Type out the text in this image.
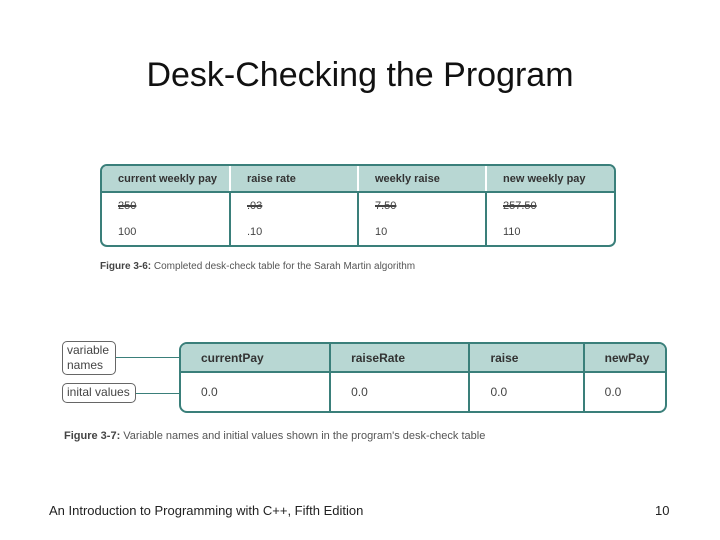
Desk-Checking the Program
current weekly pay	raise rate	weekly raise	new weekly pay
250	.03	7.50	257.50
100	.10	10	110
Figure 3-6: Completed desk-check table for the Sarah Martin algorithm
variable names
inital values
currentPay	raiseRate	raise	newPay
0.0	0.0	0.0	0.0
Figure 3-7: Variable names and initial values shown in the program's desk-check table
An Introduction to Programming with C++, Fifth Edition	10
